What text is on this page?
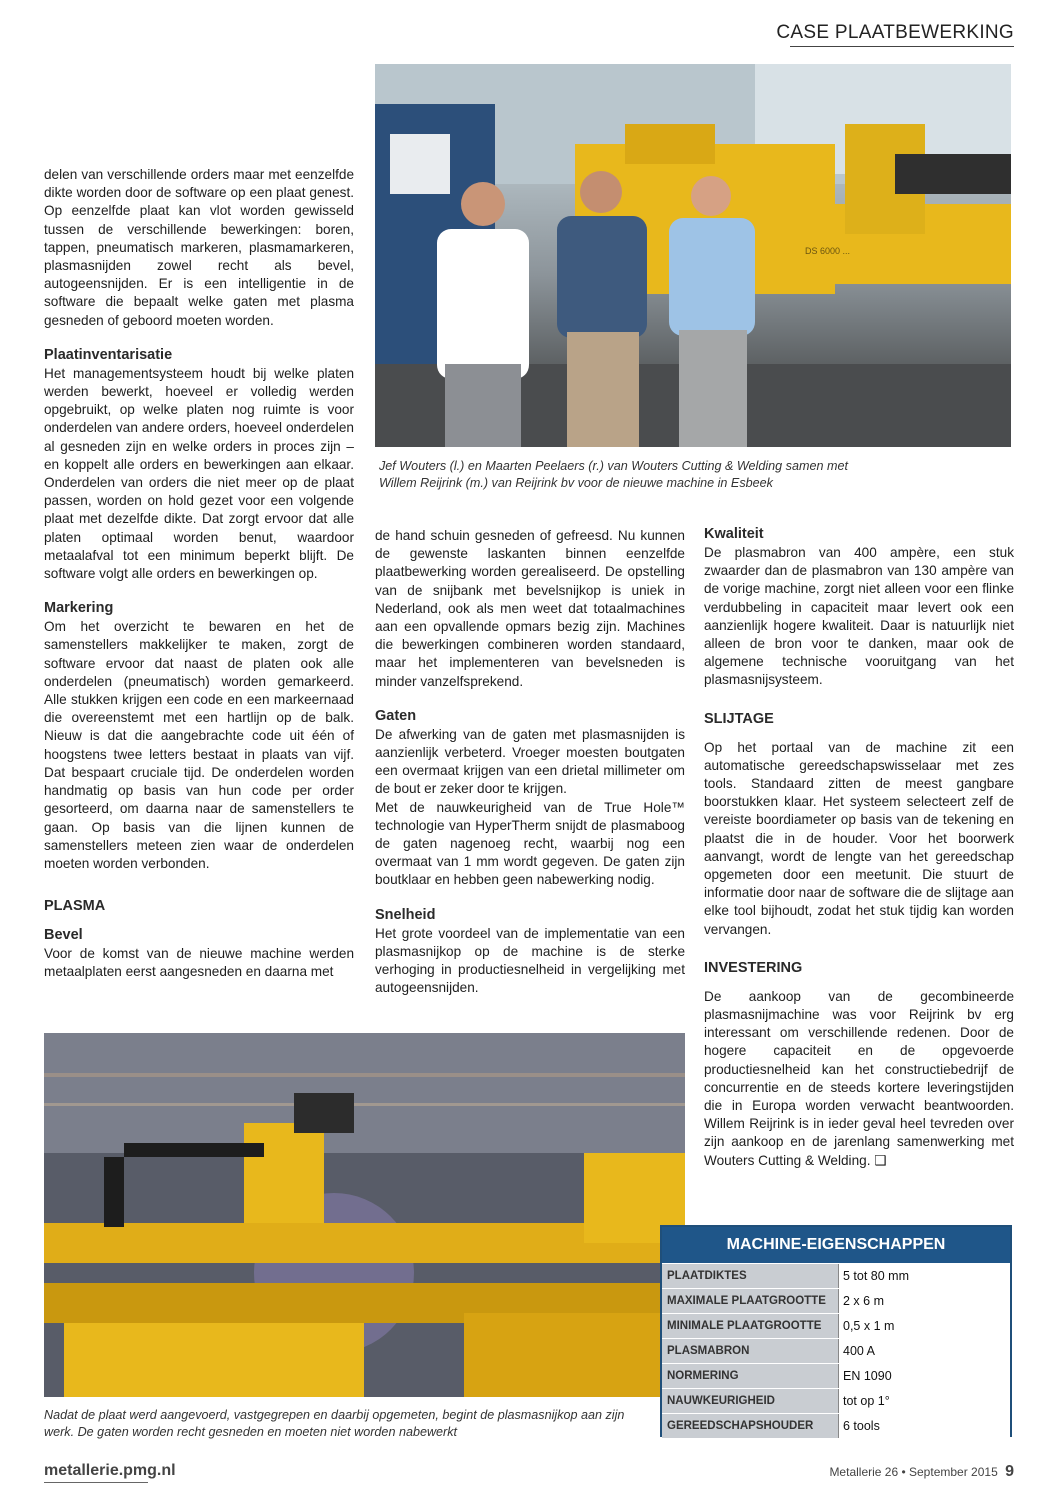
CASE PLAATBEWERKING
DS 6000 ...
Jef Wouters (l.) en Maarten Peelaers (r.) van Wouters Cutting & Welding samen met Willem Reijrink (m.) van Reijrink bv voor de nieuwe machine in Esbeek

delen van verschillende orders maar met eenzelfde dikte worden door de software op een plaat genest. Op eenzelfde plaat kan vlot worden gewisseld tussen de verschillende bewerkingen: boren, tappen, pneumatisch markeren, plasmamarkeren, plasmasnijden zowel recht als bevel, autogeensnijden. Er is een intelligentie in de software die bepaalt welke gaten met plasma gesneden of geboord moeten worden.

Plaatinventarisatie

Het managementsysteem houdt bij welke platen werden bewerkt, hoeveel er volledig werden opgebruikt, op welke platen nog ruimte is voor onderdelen van andere orders, hoeveel onderdelen al gesneden zijn en welke orders in proces zijn – en koppelt alle orders en bewerkingen aan elkaar. Onderdelen van orders die niet meer op de plaat passen, worden on hold gezet voor een volgende plaat met dezelfde dikte. Dat zorgt ervoor dat alle platen optimaal worden benut, waardoor metaalafval tot een minimum beperkt blijft. De software volgt alle orders en bewerkingen op.

Markering

Om het overzicht te bewaren en het de samenstellers makkelijker te maken, zorgt de software ervoor dat naast de platen ook alle onderdelen (pneumatisch) worden gemarkeerd. Alle stukken krijgen een code en een markeernaad die overeenstemt met een hartlijn op de balk. Nieuw is dat die aangebrachte code uit één of hoogstens twee letters bestaat in plaats van vijf. Dat bespaart cruciale tijd. De onderdelen worden handmatig op basis van hun code per order gesorteerd, om daarna naar de samenstellers te gaan. Op basis van die lijnen kunnen de samenstellers meteen zien waar de onderdelen moeten worden verbonden.

PLASMA
Bevel

Voor de komst van de nieuwe machine werden metaalplaten eerst aangesneden en daarna met

de hand schuin gesneden of gefreesd. Nu kunnen de gewenste laskanten binnen eenzelfde plaatbewerking worden gerealiseerd. De opstelling van de snijbank met bevelsnijkop is uniek in Nederland, ook als men weet dat totaalmachines aan een opvallende opmars bezig zijn. Machines die bewerkingen combineren worden standaard, maar het implementeren van bevelsneden is minder vanzelfsprekend.

Gaten

De afwerking van de gaten met plasmasnijden is aanzienlijk verbeterd. Vroeger moesten boutgaten een overmaat krijgen van een drietal millimeter om de bout er zeker door te krijgen.

Met de nauwkeurigheid van de True Hole™ technologie van HyperTherm snijdt de plasmaboog de gaten nagenoeg recht, waarbij nog een overmaat van 1 mm wordt gegeven. De gaten zijn boutklaar en hebben geen nabewerking nodig.

Snelheid

Het grote voordeel van de implementatie van een plasmasnijkop op de machine is de sterke verhoging in productiesnelheid in vergelijking met autogeensnijden.

Kwaliteit

De plasmabron van 400 ampère, een stuk zwaarder dan de plasmabron van 130 ampère van de vorige machine, zorgt niet alleen voor een flinke verdubbeling in capaciteit maar levert ook een aanzienlijk hogere kwaliteit. Daar is natuurlijk niet alleen de bron voor te danken, maar ook de algemene technische vooruitgang van het plasmasnijsysteem.

SLIJTAGE

Op het portaal van de machine zit een automatische gereedschapswisselaar met zes tools. Standaard zitten de meest gangbare boorstukken klaar. Het systeem selecteert zelf de vereiste boordiameter op basis van de tekening en plaatst die in de houder. Voor het boorwerk aanvangt, wordt de lengte van het gereedschap opgemeten door een meetunit. Die stuurt de informatie door naar de software die de slijtage aan elke tool bijhoudt, zodat het stuk tijdig kan worden vervangen.

INVESTERING

De aankoop van de gecombineerde plasmasnijmachine was voor Reijrink bv erg interessant om verschillende redenen. Door de hogere capaciteit en de opgevoerde productiesnelheid kan het constructiebedrijf de concurrentie en de steeds kortere leveringstijden die in Europa worden verwacht beantwoorden. Willem Reijrink is in ieder geval heel tevreden over zijn aankoop en de jarenlang samenwerking met Wouters Cutting & Welding. ❑

Nadat de plaat werd aangevoerd, vastgegrepen en daarbij opgemeten, begint de plasmasnijkop aan zijn werk. De gaten worden recht gesneden en moeten niet worden nabewerkt
MACHINE-EIGENSCHAPPEN
PLAATDIKTES	5 tot 80 mm
MAXIMALE PLAATGROOTTE	2 x 6 m
MINIMALE PLAATGROOTTE	0,5 x 1 m
PLASMABRON	400 A
NORMERING	EN 1090
NAUWKEURIGHEID	tot op 1°
GEREEDSCHAPSHOUDER	6 tools
metallerie.pmg.nl	Metallerie 26 • September 2015 9
